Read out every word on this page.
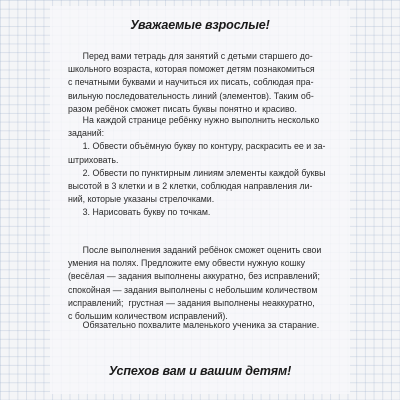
Уважаемые взрослые!
Перед вами тетрадь для занятий с детьми старшего до-
школьного возраста, которая поможет детям познакомиться
с печатными буквами и научиться их писать, соблюдая пра-
вильную последовательность линий (элементов). Таким об-
разом ребёнок сможет писать буквы понятно и красиво.
На каждой странице ребёнку нужно выполнить несколько
заданий:
1. Обвести объёмную букву по контуру, раскрасить ее и за-
штриховать.
2. Обвести по пунктирным линиям элементы каждой буквы
высотой в 3 клетки и в 2 клетки, соблюдая направления ли-
ний, которые указаны стрелочками.
3. Нарисовать букву по точкам.
После выполнения заданий ребёнок сможет оценить свои
умения на полях. Предложите ему обвести нужную кошку
(весёлая — задания выполнены аккуратно, без исправлений;
спокойная — задания выполнены с небольшим количеством
исправлений;  грустная — задания выполнены неаккуратно,
с большим количеством исправлений).
Обязательно похвалите маленького ученика за старание.
Успехов вам и вашим детям!
